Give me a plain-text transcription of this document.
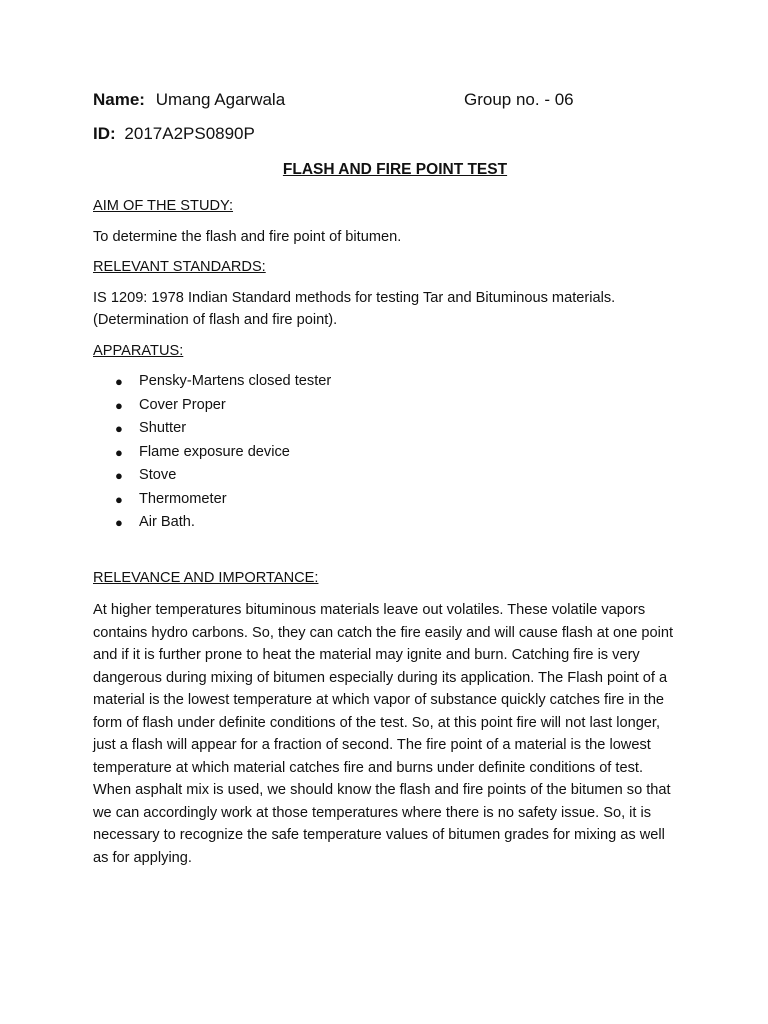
Name: Umang Agarwala	Group no. - 06
ID: 2017A2PS0890P
FLASH AND FIRE POINT TEST

AIM OF THE STUDY:

To determine the flash and fire point of bitumen.

RELEVANT STANDARDS:

IS 1209: 1978 Indian Standard methods for testing Tar and Bituminous materials. (Determination of flash and fire point).

APPARATUS:

● Pensky-Martens closed tester
● Cover Proper
● Shutter
● Flame exposure device
● Stove
● Thermometer
● Air Bath.

RELEVANCE AND IMPORTANCE:

At higher temperatures bituminous materials leave out volatiles. These volatile vapors contains hydro carbons. So, they can catch the fire easily and will cause flash at one point and if it is further prone to heat the material may ignite and burn. Catching fire is very dangerous during mixing of bitumen especially during its application. The Flash point of a material is the lowest temperature at which vapor of substance quickly catches fire in the form of flash under definite conditions of the test. So, at this point fire will not last longer, just a flash will appear for a fraction of second. The fire point of a material is the lowest temperature at which material catches fire and burns under definite conditions of test. When asphalt mix is used, we should know the flash and fire points of the bitumen so that we can accordingly work at those temperatures where there is no safety issue. So, it is necessary to recognize the safe temperature values of bitumen grades for mixing as well as for applying.
